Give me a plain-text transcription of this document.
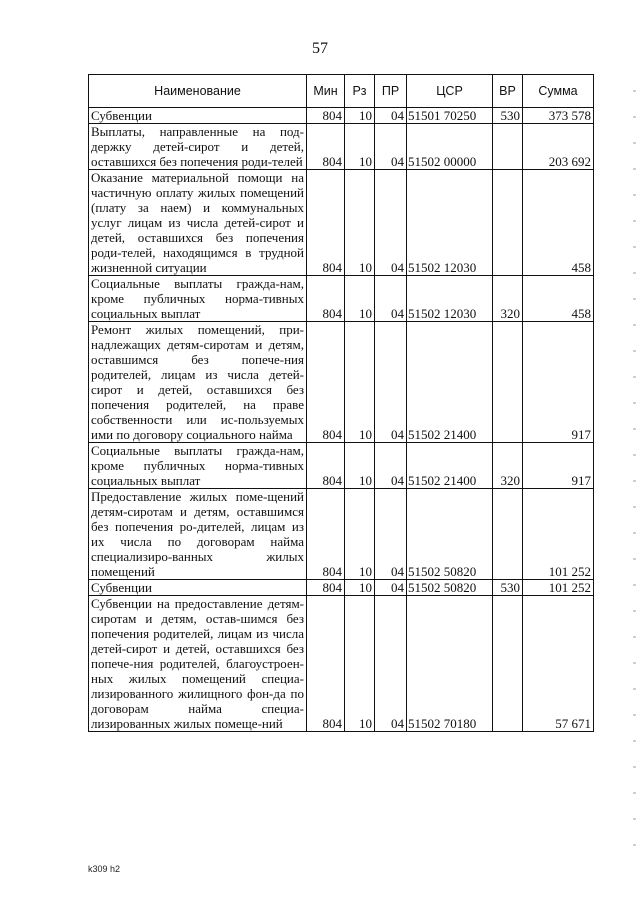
57
Наименование	Мин	Рз	ПР	ЦСР	ВР	Сумма
Субвенции	804	10	04	51501 70250	530	373 578
Выплаты, направленные на под-держку детей-сирот и детей, оставшихся без попечения роди-телей	804	10	04	51502 00000		203 692
Оказание материальной помощи на частичную оплату жилых помещений (плату за наем) и коммунальных услуг лицам из числа детей-сирот и детей, оставшихся без попечения роди-телей, находящимся в трудной жизненной ситуации	804	10	04	51502 12030		458
Социальные выплаты гражда-нам, кроме публичных норма-тивных социальных выплат	804	10	04	51502 12030	320	458
Ремонт жилых помещений, при-надлежащих детям-сиротам и детям, оставшимся без попече-ния родителей, лицам из числа детей-сирот и детей, оставшихся без попечения родителей, на праве собственности или ис-пользуемых ими по договору социального найма	804	10	04	51502 21400		917
Социальные выплаты гражда-нам, кроме публичных норма-тивных социальных выплат	804	10	04	51502 21400	320	917
Предоставление жилых поме-щений детям-сиротам и детям, оставшимся без попечения ро-дителей, лицам из их числа по договорам найма специализиро-ванных жилых помещений	804	10	04	51502 50820		101 252
Субвенции	804	10	04	51502 50820	530	101 252
Субвенции на предоставление детям-сиротам и детям, остав-шимся без попечения родителей, лицам из числа детей-сирот и детей, оставшихся без попече-ния родителей, благоустроен-ных жилых помещений специа-лизированного жилищного фон-да по договорам найма специа-лизированных жилых помеще-ний	804	10	04	51502 70180		57 671
k309 h2
